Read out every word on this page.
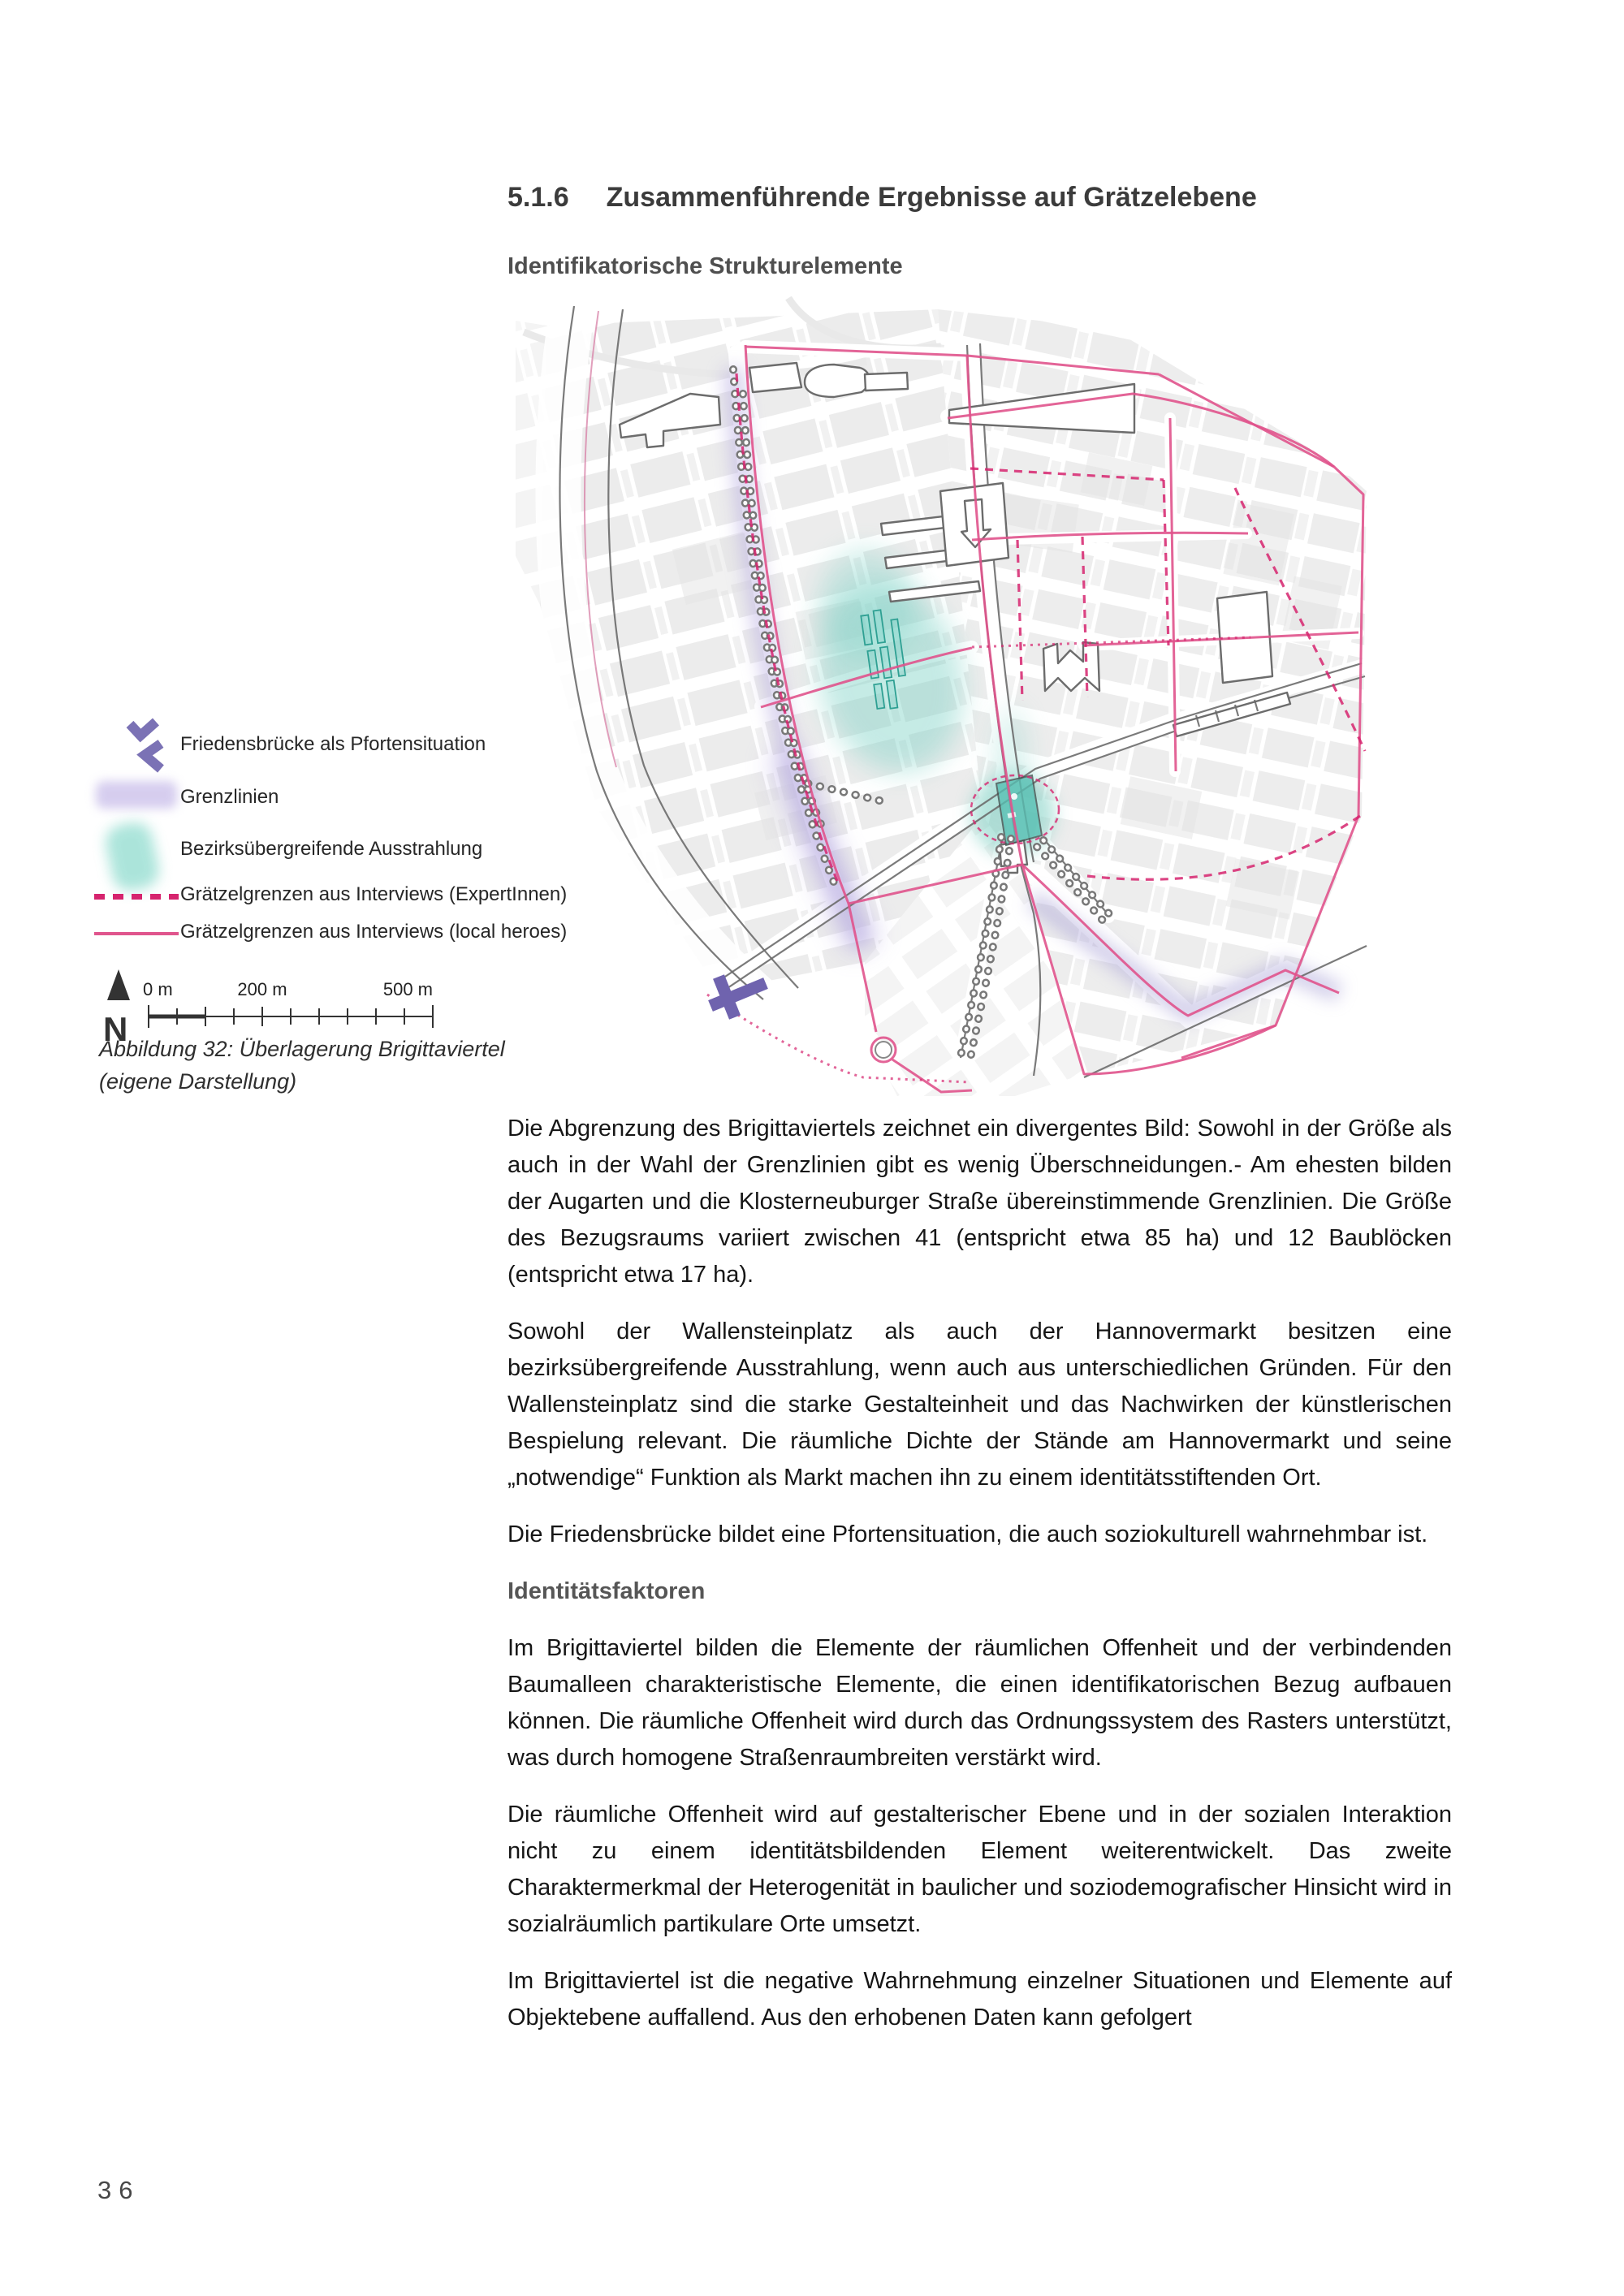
5.1.6 Zusammenführende Ergebnisse auf Grätzelebene
Identifikatorische Strukturelemente
Friedensbrücke als Pfortensituation
Grenzlinien
Bezirksübergreifende Ausstrahlung
Grätzelgrenzen aus Interviews (ExpertInnen)
Grätzelgrenzen aus Interviews (local heroes)
N
0 m	200 m	500 m
Abbildung 32: Überlagerung Brigittaviertel
(eigene Darstellung)

Die Abgrenzung des Brigittaviertels zeichnet ein divergentes Bild: Sowohl in der Größe als auch in der Wahl der Grenzlinien gibt es wenig Überschneidungen.- Am ehesten bilden der Augarten und die Klosterneuburger Straße übereinstimmende Grenzlinien. Die Größe des Bezugsraums variiert zwischen 41 (entspricht etwa 85 ha) und 12 Baublöcken (entspricht etwa 17 ha).

Sowohl der Wallensteinplatz als auch der Hannovermarkt besitzen eine bezirksübergreifende Ausstrahlung, wenn auch aus unterschiedlichen Gründen. Für den Wallensteinplatz sind die starke Gestalteinheit und das Nachwirken der künstlerischen Bespielung relevant. Die räumliche Dichte der Stände am Hannovermarkt und seine „notwendige“ Funktion als Markt machen ihn zu einem identitätsstiftenden Ort.

Die Friedensbrücke bildet eine Pfortensituation, die auch soziokulturell wahrnehmbar ist.

Identitätsfaktoren

Im Brigittaviertel bilden die Elemente der räumlichen Offenheit und der verbindenden Baumalleen charakteristische Elemente, die einen identifikatorischen Bezug aufbauen können. Die räumliche Offenheit wird durch das Ordnungssystem des Rasters unterstützt, was durch homogene Straßenraumbreiten verstärkt wird.

Die räumliche Offenheit wird auf gestalterischer Ebene und in der sozialen Interaktion nicht zu einem identitätsbildenden Element weiterentwickelt. Das zweite Charaktermerkmal der Heterogenität in baulicher und soziodemografischer Hinsicht wird in sozialräumlich partikulare Orte umsetzt.

Im Brigittaviertel ist die negative Wahrnehmung einzelner Situationen und Elemente auf Objektebene auffallend. Aus den erhobenen Daten kann gefolgert

36
